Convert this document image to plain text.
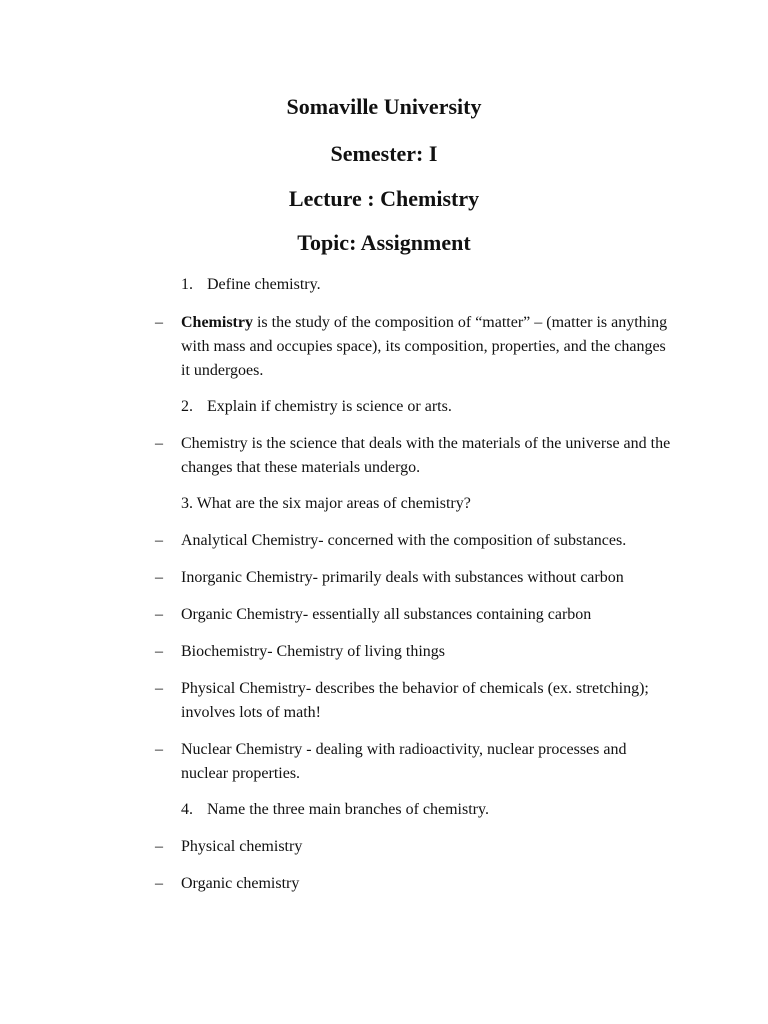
Somaville University
Semester: I
Lecture : Chemistry
Topic: Assignment

1. Define chemistry.

–	Chemistry is the study of the composition of “matter” – (matter is anything with mass and occupies space), its composition, properties, and the changes it undergoes.

2. Explain if chemistry is science or arts.

–	Chemistry is the science that deals with the materials of the universe and the changes that these materials undergo.

3. What are the six major areas of chemistry?

–	Analytical Chemistry- concerned with the composition of substances.
–	Inorganic Chemistry- primarily deals with substances without carbon
–	Organic Chemistry- essentially all substances containing carbon
–	Biochemistry- Chemistry of living things
–	Physical Chemistry- describes the behavior of chemicals (ex. stretching); involves lots of math!
–	Nuclear Chemistry - dealing with radioactivity, nuclear processes and nuclear properties.

4. Name the three main branches of chemistry.

–	Physical chemistry
–	Organic chemistry
